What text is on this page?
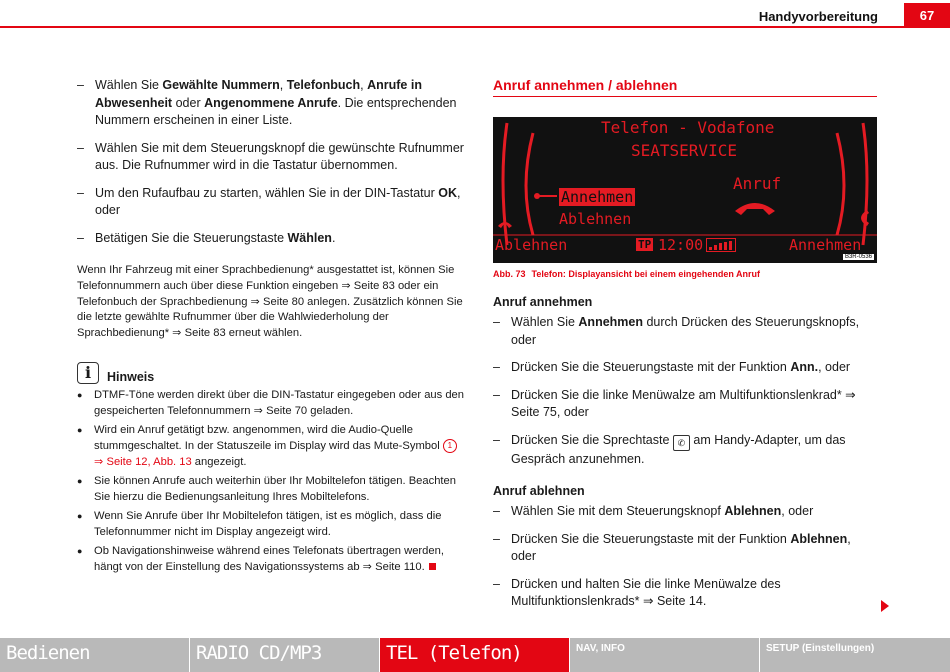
Handyvorbereitung	67
– Wählen Sie Gewählte Nummern, Telefonbuch, Anrufe in Abwesenheit oder Angenommene Anrufe. Die entsprechenden Nummern erscheinen in einer Liste.
– Wählen Sie mit dem Steuerungsknopf die gewünschte Rufnummer aus. Die Rufnummer wird in die Tastatur übernommen.
– Um den Rufaufbau zu starten, wählen Sie in der DIN-Tastatur OK, oder
– Betätigen Sie die Steuerungstaste Wählen.
Wenn Ihr Fahrzeug mit einer Sprachbedienung* ausgestattet ist, können Sie Telefonnummern auch über diese Funktion eingeben ⇒ Seite 83 oder ein Telefonbuch der Sprachbedienung ⇒ Seite 80 anlegen. Zusätzlich können Sie die letzte gewählte Rufnummer über die Wahlwiederholung der Sprachbedienung* ⇒ Seite 83 erneut wählen.
i	Hinweis
● DTMF-Töne werden direkt über die DIN-Tastatur eingegeben oder aus den gespeicherten Telefonnummern ⇒ Seite 70 geladen.
● Wird ein Anruf getätigt bzw. angenommen, wird die Audio-Quelle stummgeschaltet. In der Statuszeile im Display wird das Mute-Symbol 1
⇒ Seite 12, Abb. 13 angezeigt.
● Sie können Anrufe auch weiterhin über Ihr Mobiltelefon tätigen. Beachten Sie hierzu die Bedienungsanleitung Ihres Mobiltelefons.
● Wenn Sie Anrufe über Ihr Mobiltelefon tätigen, ist es möglich, dass die Telefonnummer nicht im Display angezeigt wird.
● Ob Navigationshinweise während eines Telefonats übertragen werden, hängt von der Einstellung des Navigationssystems ab ⇒ Seite 110.
Anruf annehmen / ablehnen
Telefon - Vodafone
SEATSERVICE
Annehmen
Ablehnen
Anruf
Ablehnen	TP 12:00	Annehmen
B3R-0536
Abb. 73 Telefon: Displayansicht bei einem eingehenden Anruf
Anruf annehmen
– Wählen Sie Annehmen durch Drücken des Steuerungsknopfs, oder
– Drücken Sie die Steuerungstaste mit der Funktion Ann., oder
– Drücken Sie die linke Menüwalze am Multifunktionslenkrad* ⇒ Seite 75, oder
– Drücken Sie die Sprechtaste ✆ am Handy-Adapter, um das Gespräch anzunehmen.
Anruf ablehnen
– Wählen Sie mit dem Steuerungsknopf Ablehnen, oder
– Drücken Sie die Steuerungstaste mit der Funktion Ablehnen, oder
– Drücken und halten Sie die linke Menüwalze des Multifunktionslenkrads* ⇒ Seite 14.
Bedienen	RADIO CD/MP3	TEL (Telefon)	NAV, INFO	SETUP (Einstellungen)
